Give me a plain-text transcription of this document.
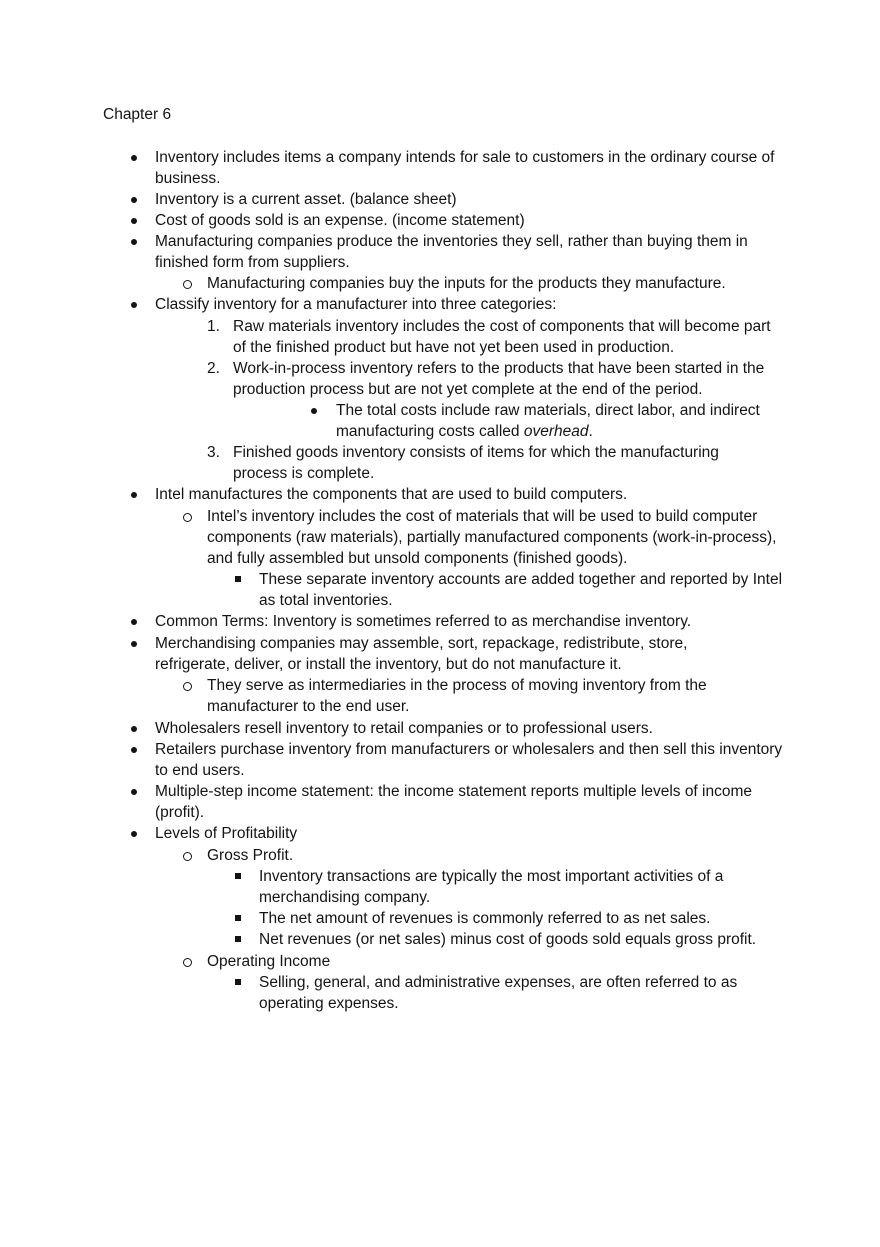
Chapter 6
Inventory includes items a company intends for sale to customers in the ordinary course of business.
Inventory is a current asset. (balance sheet)
Cost of goods sold is an expense. (income statement)
Manufacturing companies produce the inventories they sell, rather than buying them in finished form from suppliers.
Manufacturing companies buy the inputs for the products they manufacture.
Classify inventory for a manufacturer into three categories:
1. Raw materials inventory includes the cost of components that will become part of the finished product but have not yet been used in production.
2. Work-in-process inventory refers to the products that have been started in the production process but are not yet complete at the end of the period.
The total costs include raw materials, direct labor, and indirect manufacturing costs called overhead.
3. Finished goods inventory consists of items for which the manufacturing process is complete.
Intel manufactures the components that are used to build computers.
Intel’s inventory includes the cost of materials that will be used to build computer components (raw materials), partially manufactured components (work-in-process), and fully assembled but unsold components (finished goods).
These separate inventory accounts are added together and reported by Intel as total inventories.
Common Terms: Inventory is sometimes referred to as merchandise inventory.
Merchandising companies may assemble, sort, repackage, redistribute, store, refrigerate, deliver, or install the inventory, but do not manufacture it.
They serve as intermediaries in the process of moving inventory from the manufacturer to the end user.
Wholesalers resell inventory to retail companies or to professional users.
Retailers purchase inventory from manufacturers or wholesalers and then sell this inventory to end users.
Multiple-step income statement: the income statement reports multiple levels of income (profit).
Levels of Profitability
Gross Profit.
Inventory transactions are typically the most important activities of a merchandising company.
The net amount of revenues is commonly referred to as net sales.
Net revenues (or net sales) minus cost of goods sold equals gross profit.
Operating Income
Selling, general, and administrative expenses, are often referred to as operating expenses.
